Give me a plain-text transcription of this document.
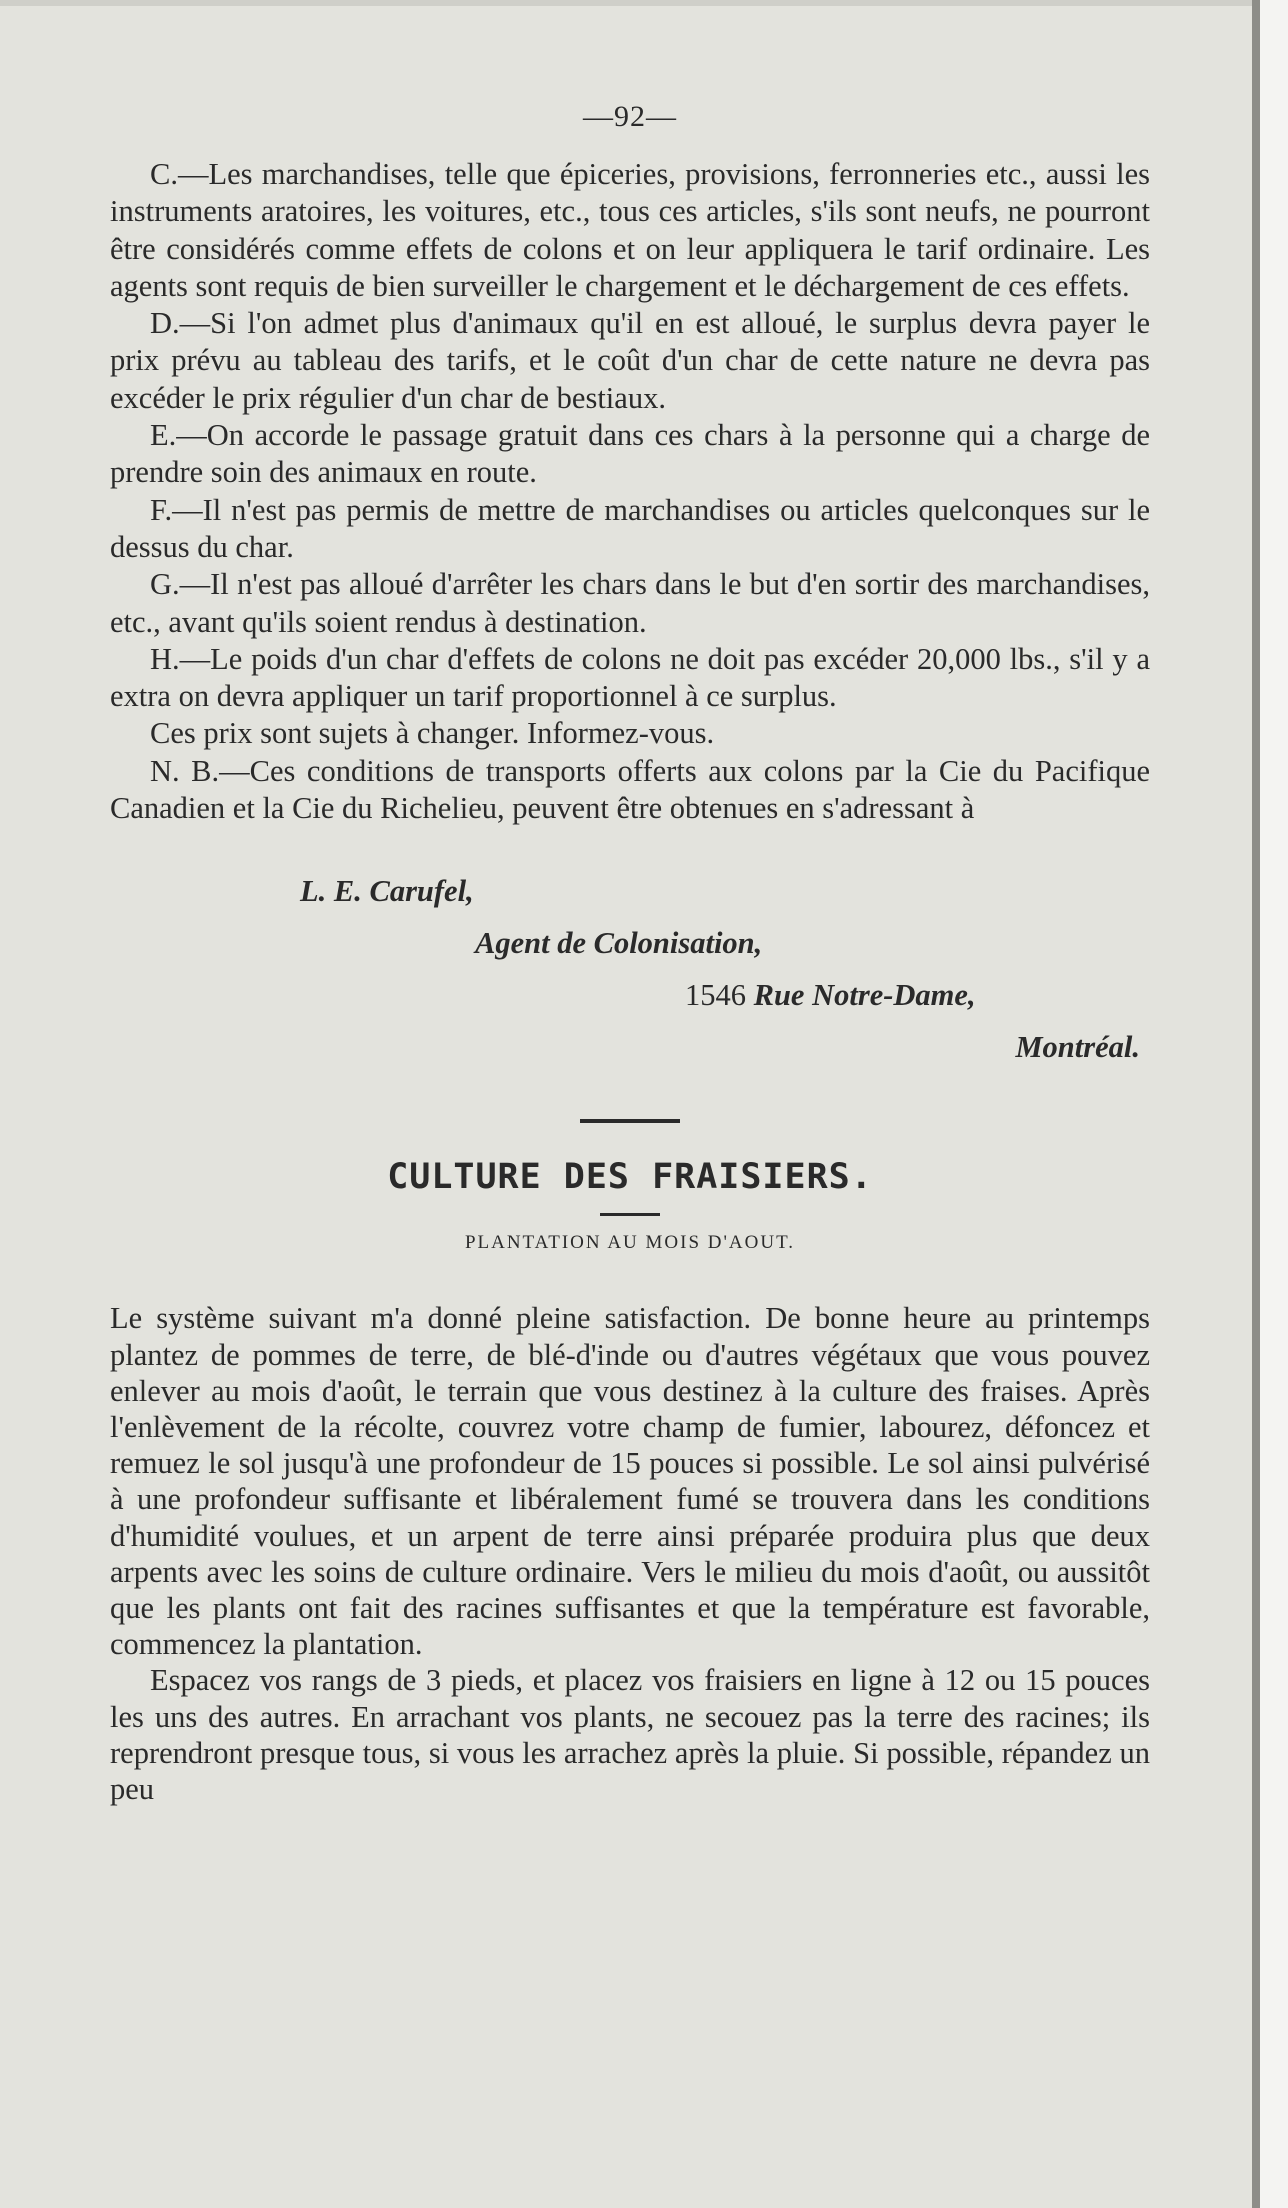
—92—

C.—Les marchandises, telle que épiceries, provisions, ferronneries etc., aussi les instruments aratoires, les voitures, etc., tous ces articles, s'ils sont neufs, ne pourront être considérés comme effets de colons et on leur appliquera le tarif ordinaire. Les agents sont requis de bien surveiller le chargement et le déchargement de ces effets.

D.—Si l'on admet plus d'animaux qu'il en est alloué, le surplus devra payer le prix prévu au tableau des tarifs, et le coût d'un char de cette nature ne devra pas excéder le prix régulier d'un char de bestiaux.

E.—On accorde le passage gratuit dans ces chars à la personne qui a charge de prendre soin des animaux en route.

F.—Il n'est pas permis de mettre de marchandises ou articles quelconques sur le dessus du char.

G.—Il n'est pas alloué d'arrêter les chars dans le but d'en sortir des marchandises, etc., avant qu'ils soient rendus à destination.

H.—Le poids d'un char d'effets de colons ne doit pas excéder 20,000 lbs., s'il y a extra on devra appliquer un tarif proportionnel à ce surplus.

Ces prix sont sujets à changer. Informez-vous.

N. B.—Ces conditions de transports offerts aux colons par la Cie du Pacifique Canadien et la Cie du Richelieu, peuvent être obtenues en s'adressant à

L. E. Carufel,
Agent de Colonisation,
1546 Rue Notre-Dame,
Montréal.
CULTURE DES FRAISIERS.
PLANTATION AU MOIS D'AOUT.

Le système suivant m'a donné pleine satisfaction. De bonne heure au printemps plantez de pommes de terre, de blé-d'inde ou d'autres végétaux que vous pouvez enlever au mois d'août, le terrain que vous destinez à la culture des fraises. Après l'enlèvement de la récolte, couvrez votre champ de fumier, labourez, défoncez et remuez le sol jusqu'à une profondeur de 15 pouces si possible. Le sol ainsi pulvérisé à une profondeur suffisante et libéralement fumé se trouvera dans les conditions d'humidité voulues, et un arpent de terre ainsi préparée produira plus que deux arpents avec les soins de culture ordinaire. Vers le milieu du mois d'août, ou aussitôt que les plants ont fait des racines suffisantes et que la température est favorable, commencez la plantation.

Espacez vos rangs de 3 pieds, et placez vos fraisiers en ligne à 12 ou 15 pouces les uns des autres. En arrachant vos plants, ne secouez pas la terre des racines; ils reprendront presque tous, si vous les arrachez après la pluie. Si possible, répandez un peu
